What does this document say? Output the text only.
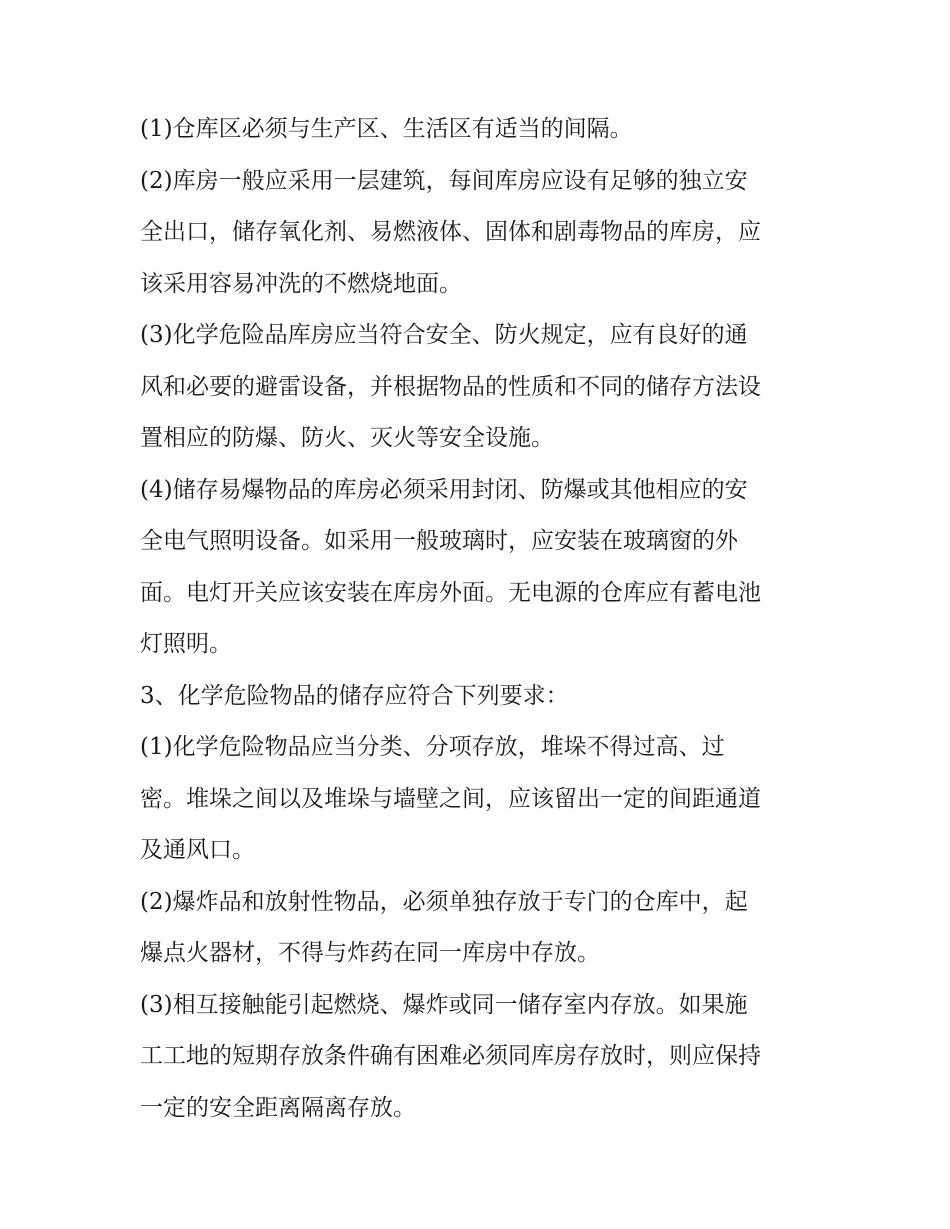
(1)仓库区必须与生产区、生活区有适当的间隔。

(2)库房一般应采用一层建筑，每间库房应设有足够的独立安
全出口，储存氧化剂、易燃液体、固体和剧毒物品的库房，应
该采用容易冲洗的不燃烧地面。

(3)化学危险品库房应当符合安全、防火规定，应有良好的通
风和必要的避雷设备，并根据物品的性质和不同的储存方法设
置相应的防爆、防火、灭火等安全设施。

(4)储存易爆物品的库房必须采用封闭、防爆或其他相应的安
全电气照明设备。如采用一般玻璃时，应安装在玻璃窗的外
面。电灯开关应该安装在库房外面。无电源的仓库应有蓄电池
灯照明。

3、化学危险物品的储存应符合下列要求：

(1)化学危险物品应当分类、分项存放，堆垛不得过高、过
密。堆垛之间以及堆垛与墙壁之间，应该留出一定的间距通道
及通风口。

(2)爆炸品和放射性物品，必须单独存放于专门的仓库中，起
爆点火器材，不得与炸药在同一库房中存放。

(3)相互接触能引起燃烧、爆炸或同一储存室内存放。如果施
工工地的短期存放条件确有困难必须同库房存放时，则应保持
一定的安全距离隔离存放。
